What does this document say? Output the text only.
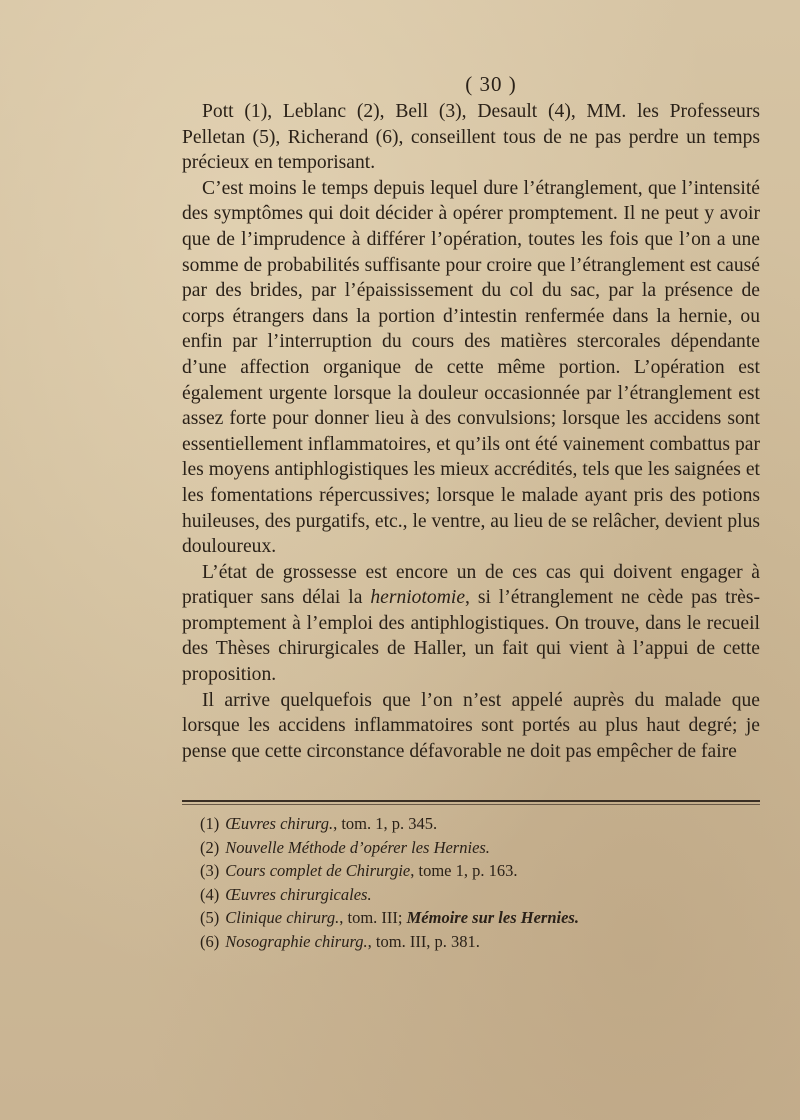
( 30 )

Pott (1), Leblanc (2), Bell (3), Desault (4), MM. les Professeurs Pelletan (5), Richerand (6), conseillent tous de ne pas perdre un temps précieux en temporisant.

C’est moins le temps depuis lequel dure l’étranglement, que l’intensité des symptômes qui doit décider à opérer promptement. Il ne peut y avoir que de l’imprudence à différer l’opération, toutes les fois que l’on a une somme de probabilités suffisante pour croire que l’étranglement est causé par des brides, par l’épaississement du col du sac, par la présence de corps étrangers dans la portion d’intestin renfermée dans la hernie, ou enfin par l’interruption du cours des matières stercorales dépendante d’une affection organique de cette même portion. L’opération est également urgente lorsque la douleur occasionnée par l’étranglement est assez forte pour donner lieu à des convulsions; lorsque les accidens sont essentiellement inflammatoires, et qu’ils ont été vainement combattus par les moyens antiphlogistiques les mieux accrédités, tels que les saignées et les fomentations répercussives; lorsque le malade ayant pris des potions huileuses, des purgatifs, etc., le ventre, au lieu de se relâcher, devient plus douloureux.

L’état de grossesse est encore un de ces cas qui doivent engager à pratiquer sans délai la herniotomie, si l’étranglement ne cède pas très-promptement à l’emploi des antiphlogistiques. On trouve, dans le recueil des Thèses chirurgicales de Haller, un fait qui vient à l’appui de cette proposition.

Il arrive quelquefois que l’on n’est appelé auprès du malade que lorsque les accidens inflammatoires sont portés au plus haut degré; je pense que cette circonstance défavorable ne doit pas empêcher de faire

(1) Œuvres chirurg., tom. 1, p. 345.

(2) Nouvelle Méthode d’opérer les Hernies.

(3) Cours complet de Chirurgie, tome 1, p. 163.

(4) Œuvres chirurgicales.

(5) Clinique chirurg., tom. III; Mémoire sur les Hernies.

(6) Nosographie chirurg., tom. III, p. 381.
